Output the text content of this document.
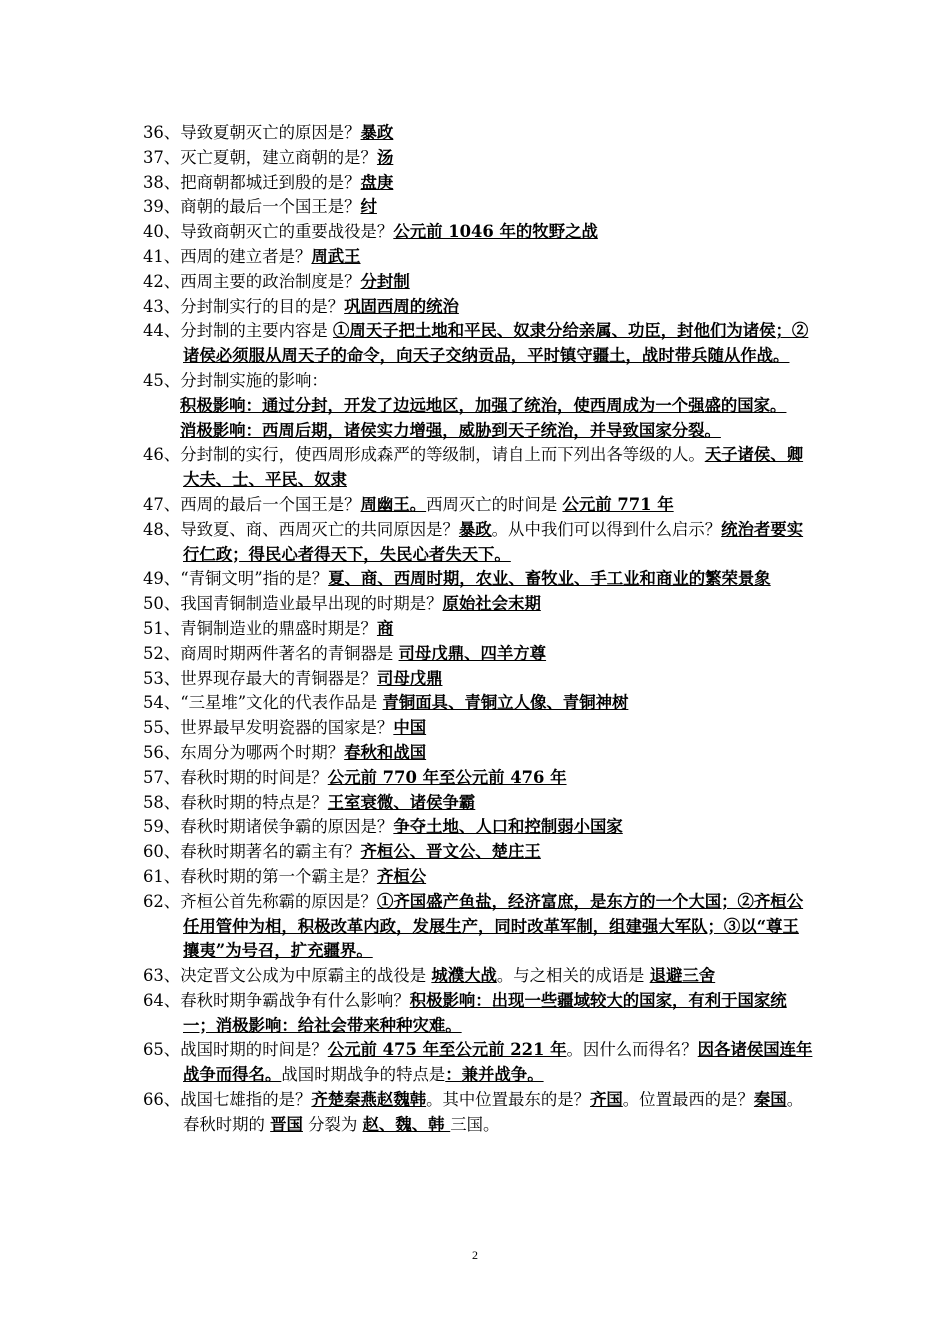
36、导致夏朝灭亡的原因是？暴政

37、灭亡夏朝，建立商朝的是？汤

38、把商朝都城迁到殷的是？盘庚

39、商朝的最后一个国王是？纣

40、导致商朝灭亡的重要战役是？公元前 1046 年的牧野之战

41、西周的建立者是？周武王

42、西周主要的政治制度是？分封制

43、分封制实行的目的是？巩固西周的统治

44、分封制的主要内容是 ①周天子把土地和平民、奴隶分给亲属、功臣，封他们为诸侯；②诸侯必须服从周天子的命令，向天子交纳贡品，平时镇守疆土，战时带兵随从作战。

45、分封制实施的影响：

积极影响：通过分封，开发了边远地区，加强了统治，使西周成为一个强盛的国家。

消极影响：西周后期，诸侯实力增强，威胁到天子统治，并导致国家分裂。

46、分封制的实行，使西周形成森严的等级制，请自上而下列出各等级的人。天子诸侯、卿大夫、士、平民、奴隶

47、西周的最后一个国王是？周幽王。西周灭亡的时间是 公元前 771 年

48、导致夏、商、西周灭亡的共同原因是？暴政。从中我们可以得到什么启示？统治者要实行仁政；得民心者得天下，失民心者失天下。

49、“青铜文明”指的是？夏、商、西周时期，农业、畜牧业、手工业和商业的繁荣景象

50、我国青铜制造业最早出现的时期是？原始社会末期

51、青铜制造业的鼎盛时期是？商

52、商周时期两件著名的青铜器是 司母戊鼎、四羊方尊

53、世界现存最大的青铜器是？司母戊鼎

54、“三星堆”文化的代表作品是 青铜面具、青铜立人像、青铜神树

55、世界最早发明瓷器的国家是？中国

56、东周分为哪两个时期？春秋和战国

57、春秋时期的时间是？公元前 770 年至公元前 476 年

58、春秋时期的特点是？王室衰微、诸侯争霸

59、春秋时期诸侯争霸的原因是？争夺土地、人口和控制弱小国家

60、春秋时期著名的霸主有？齐桓公、晋文公、楚庄王

61、春秋时期的第一个霸主是？齐桓公

62、齐桓公首先称霸的原因是？①齐国盛产鱼盐，经济富庶，是东方的一个大国；②齐桓公任用管仲为相，积极改革内政，发展生产，同时改革军制，组建强大军队；③以“尊王攘夷”为号召，扩充疆界。

63、决定晋文公成为中原霸主的战役是 城濮大战。与之相关的成语是 退避三舍

64、春秋时期争霸战争有什么影响？积极影响：出现一些疆域较大的国家，有利于国家统一；消极影响：给社会带来种种灾难。

65、战国时期的时间是？公元前 475 年至公元前 221 年。因什么而得名？因各诸侯国连年战争而得名。战国时期战争的特点是：兼并战争。

66、战国七雄指的是？齐楚秦燕赵魏韩。其中位置最东的是？齐国。位置最西的是？秦国。春秋时期的 晋国 分裂为 赵、魏、韩 三国。

2
